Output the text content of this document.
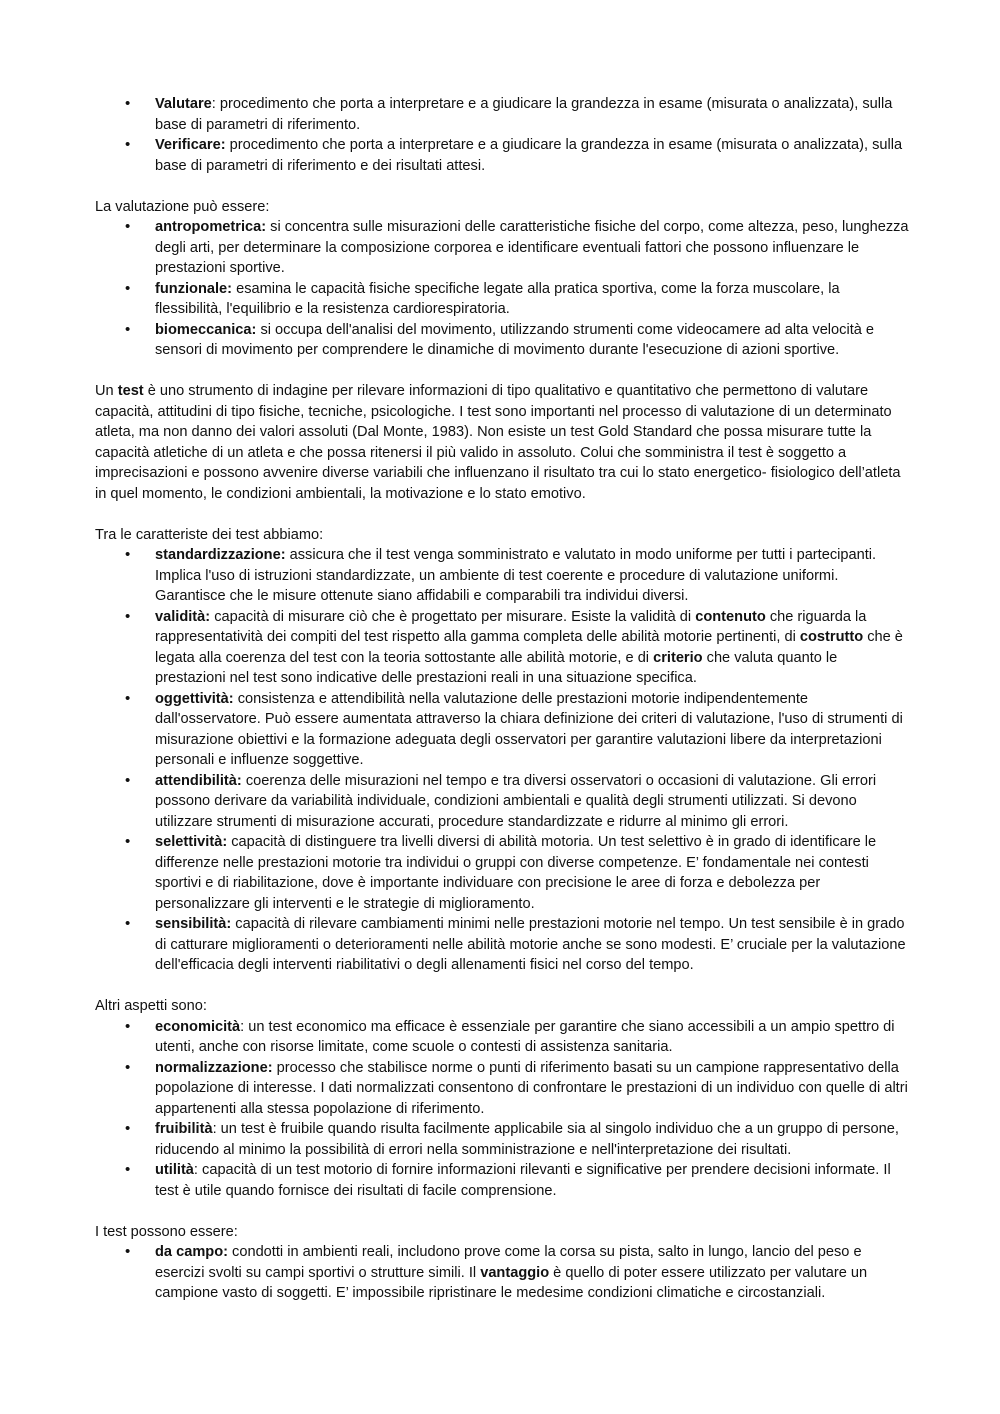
• Valutare: procedimento che porta a interpretare e a giudicare la grandezza in esame (misurata o analizzata), sulla base di parametri di riferimento.
• Verificare: procedimento che porta a interpretare e a giudicare la grandezza in esame (misurata o analizzata), sulla base di parametri di riferimento e dei risultati attesi.

La valutazione può essere:

• antropometrica: si concentra sulle misurazioni delle caratteristiche fisiche del corpo, come altezza, peso, lunghezza degli arti, per determinare la composizione corporea e identificare eventuali fattori che possono influenzare le prestazioni sportive.
• funzionale: esamina le capacità fisiche specifiche legate alla pratica sportiva, come la forza muscolare, la flessibilità, l'equilibrio e la resistenza cardiorespiratoria.
• biomeccanica: si occupa dell'analisi del movimento, utilizzando strumenti come videocamere ad alta velocità e sensori di movimento per comprendere le dinamiche di movimento durante l'esecuzione di azioni sportive.

Un test è uno strumento di indagine per rilevare informazioni di tipo qualitativo e quantitativo che permettono di valutare capacità, attitudini di tipo fisiche, tecniche, psicologiche. I test sono importanti nel processo di valutazione di un determinato atleta, ma non danno dei valori assoluti (Dal Monte, 1983). Non esiste un test Gold Standard che possa misurare tutte la capacità atletiche di un atleta e che possa ritenersi il più valido in assoluto. Colui che somministra il test è soggetto a imprecisazioni e possono avvenire diverse variabili che influenzano il risultato tra cui lo stato energetico- fisiologico dell’atleta in quel momento, le condizioni ambientali, la motivazione e lo stato emotivo.

Tra le caratteriste dei test abbiamo:

• standardizzazione: assicura che il test venga somministrato e valutato in modo uniforme per tutti i partecipanti. Implica l'uso di istruzioni standardizzate, un ambiente di test coerente e procedure di valutazione uniformi. Garantisce che le misure ottenute siano affidabili e comparabili tra individui diversi.
• validità: capacità di misurare ciò che è progettato per misurare. Esiste la validità di contenuto che riguarda la rappresentatività dei compiti del test rispetto alla gamma completa delle abilità motorie pertinenti, di costrutto che è legata alla coerenza del test con la teoria sottostante alle abilità motorie, e di criterio che valuta quanto le prestazioni nel test sono indicative delle prestazioni reali in una situazione specifica.
• oggettività: consistenza e attendibilità nella valutazione delle prestazioni motorie indipendentemente dall'osservatore. Può essere aumentata attraverso la chiara definizione dei criteri di valutazione, l'uso di strumenti di misurazione obiettivi e la formazione adeguata degli osservatori per garantire valutazioni libere da interpretazioni personali e influenze soggettive.
• attendibilità: coerenza delle misurazioni nel tempo e tra diversi osservatori o occasioni di valutazione. Gli errori possono derivare da variabilità individuale, condizioni ambientali e qualità degli strumenti utilizzati. Si devono utilizzare strumenti di misurazione accurati, procedure standardizzate e ridurre al minimo gli errori.
• selettività: capacità di distinguere tra livelli diversi di abilità motoria. Un test selettivo è in grado di identificare le differenze nelle prestazioni motorie tra individui o gruppi con diverse competenze. E’ fondamentale nei contesti sportivi e di riabilitazione, dove è importante individuare con precisione le aree di forza e debolezza per personalizzare gli interventi e le strategie di miglioramento.
• sensibilità: capacità di rilevare cambiamenti minimi nelle prestazioni motorie nel tempo. Un test sensibile è in grado di catturare miglioramenti o deterioramenti nelle abilità motorie anche se sono modesti. E’ cruciale per la valutazione dell'efficacia degli interventi riabilitativi o degli allenamenti fisici nel corso del tempo.

Altri aspetti sono:

• economicità: un test economico ma efficace è essenziale per garantire che siano accessibili a un ampio spettro di utenti, anche con risorse limitate, come scuole o contesti di assistenza sanitaria.
• normalizzazione: processo che stabilisce norme o punti di riferimento basati su un campione rappresentativo della popolazione di interesse. I dati normalizzati consentono di confrontare le prestazioni di un individuo con quelle di altri appartenenti alla stessa popolazione di riferimento.
• fruibilità: un test è fruibile quando risulta facilmente applicabile sia al singolo individuo che a un gruppo di persone, riducendo al minimo la possibilità di errori nella somministrazione e nell'interpretazione dei risultati.
• utilità: capacità di un test motorio di fornire informazioni rilevanti e significative per prendere decisioni informate. Il test è utile quando fornisce dei risultati di facile comprensione.

I test possono essere:

• da campo: condotti in ambienti reali, includono prove come la corsa su pista, salto in lungo, lancio del peso e esercizi svolti su campi sportivi o strutture simili. Il vantaggio è quello di poter essere utilizzato per valutare un campione vasto di soggetti. E’ impossibile ripristinare le medesime condizioni climatiche e circostanziali.
